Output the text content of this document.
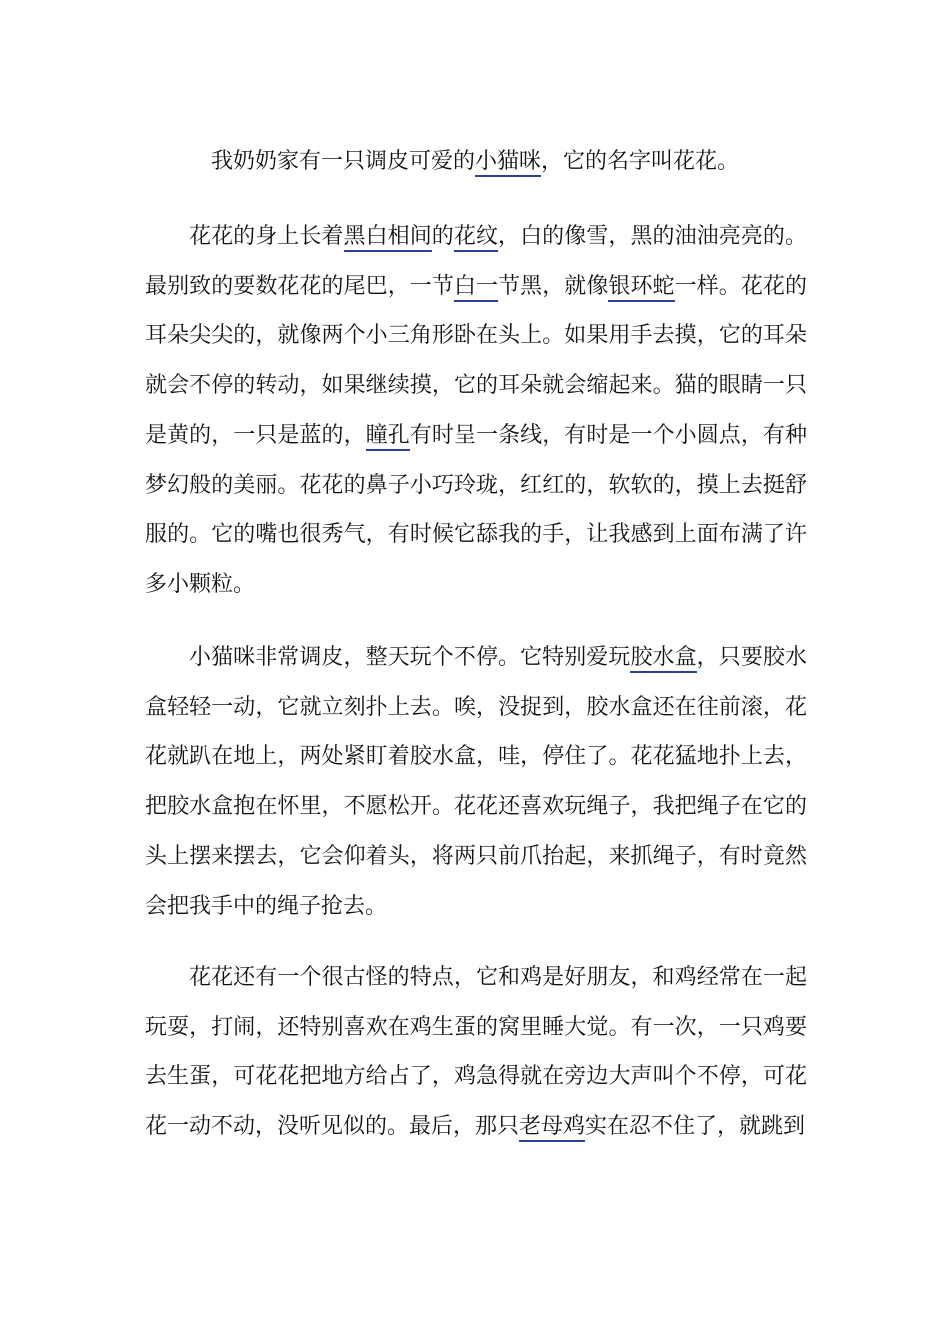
我奶奶家有一只调皮可爱的小猫咪，它的名字叫花花。

花花的身上长着黑白相间的花纹，白的像雪，黑的油油亮亮的。最别致的要数花花的尾巴，一节白一节黑，就像银环蛇一样。花花的耳朵尖尖的，就像两个小三角形卧在头上。如果用手去摸，它的耳朵就会不停的转动，如果继续摸，它的耳朵就会缩起来。猫的眼睛一只是黄的，一只是蓝的，瞳孔有时呈一条线，有时是一个小圆点，有种梦幻般的美丽。花花的鼻子小巧玲珑，红红的，软软的，摸上去挺舒服的。它的嘴也很秀气，有时候它舔我的手，让我感到上面布满了许多小颗粒。

小猫咪非常调皮，整天玩个不停。它特别爱玩胶水盒，只要胶水盒轻轻一动，它就立刻扑上去。唉，没捉到，胶水盒还在往前滚，花花就趴在地上，两处紧盯着胶水盒，哇，停住了。花花猛地扑上去，把胶水盒抱在怀里，不愿松开。花花还喜欢玩绳子，我把绳子在它的头上摆来摆去，它会仰着头，将两只前爪抬起，来抓绳子，有时竟然会把我手中的绳子抢去。

花花还有一个很古怪的特点，它和鸡是好朋友，和鸡经常在一起玩耍，打闹，还特别喜欢在鸡生蛋的窝里睡大觉。有一次，一只鸡要去生蛋，可花花把地方给占了，鸡急得就在旁边大声叫个不停，可花花一动不动，没听见似的。最后，那只老母鸡实在忍不住了，就跳到
